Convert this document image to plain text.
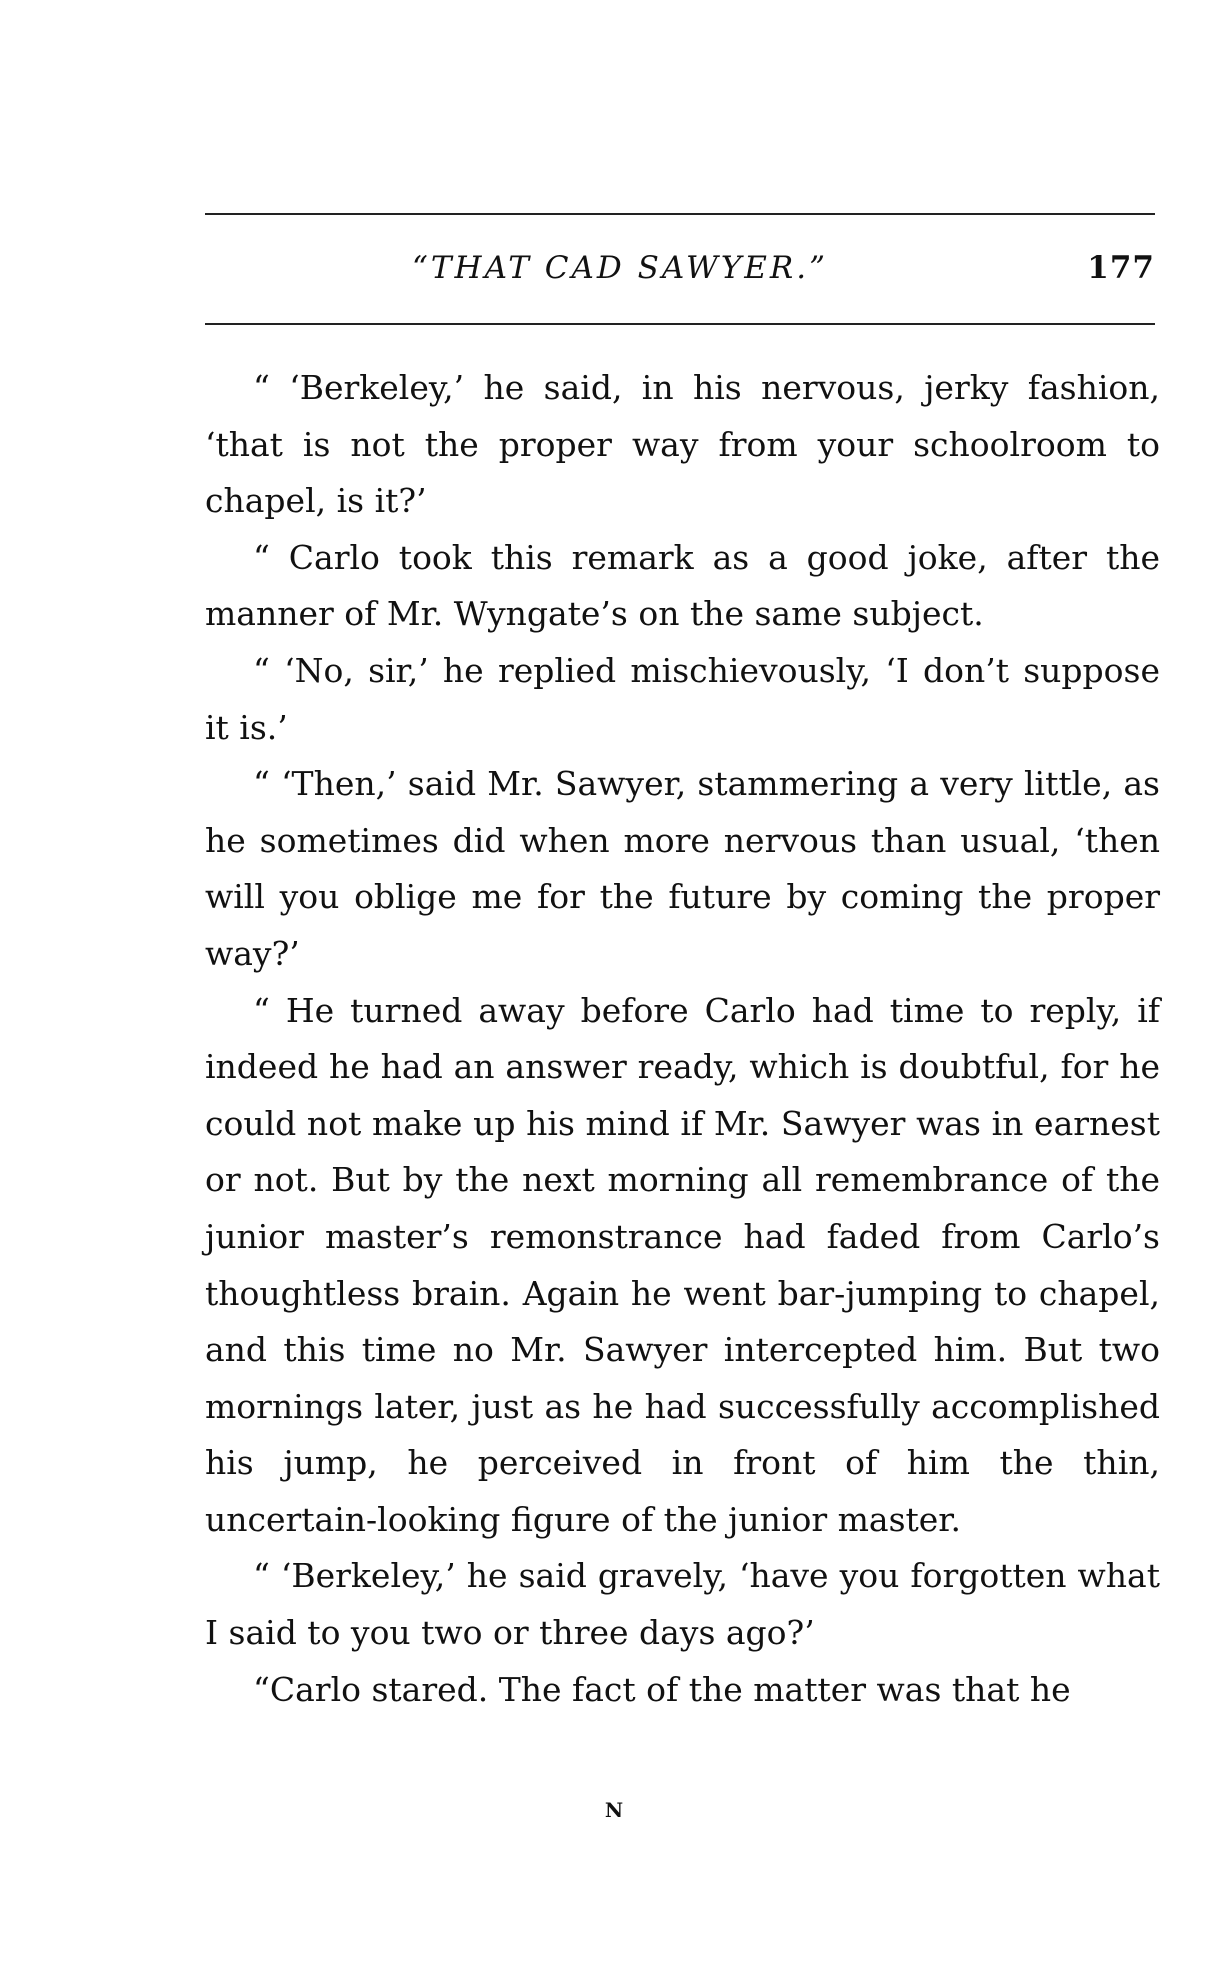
“THAT CAD SAWYER.”	177

“ ‘Berkeley,’ he said, in his nervous, jerky fashion, ‘that is not the proper way from your schoolroom to chapel, is it?’

“ Carlo took this remark as a good joke, after the manner of Mr. Wyngate’s on the same subject.

“ ‘No, sir,’ he replied mischievously, ‘I don’t suppose it is.’

“ ‘Then,’ said Mr. Sawyer, stammering a very little, as he sometimes did when more nervous than usual, ‘then will you oblige me for the future by coming the proper way?’

“ He turned away before Carlo had time to reply, if indeed he had an answer ready, which is doubtful, for he could not make up his mind if Mr. Sawyer was in earnest or not. But by the next morning all remembrance of the junior master’s remonstrance had faded from Carlo’s thoughtless brain. Again he went bar-jumping to chapel, and this time no Mr. Sawyer intercepted him. But two mornings later, just as he had successfully accomplished his jump, he perceived in front of him the thin, uncertain-looking figure of the junior master.

“ ‘Berkeley,’ he said gravely, ‘have you forgotten what I said to you two or three days ago?’

“Carlo stared. The fact of the matter was that he

N
